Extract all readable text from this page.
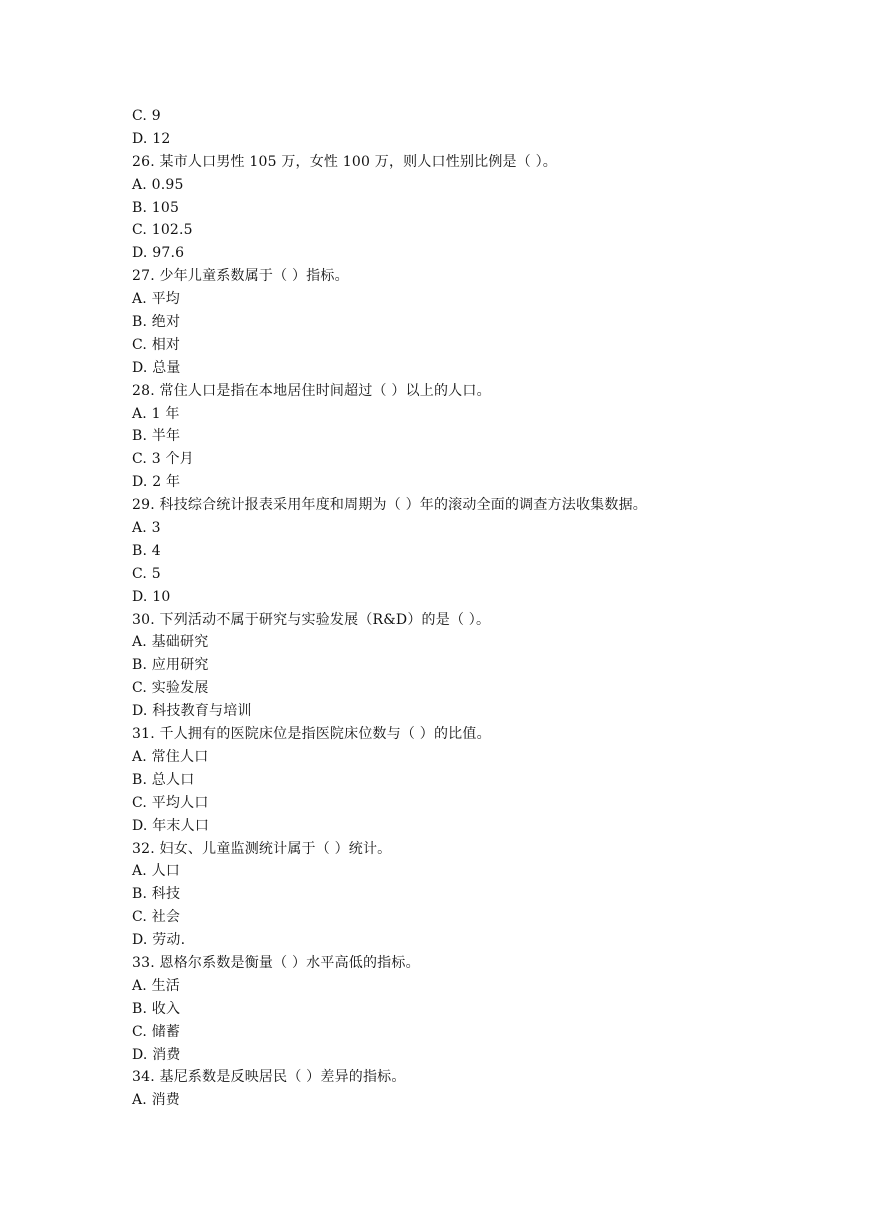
C. 9
D. 12
26. 某市人口男性 105 万，女性 100 万，则人口性别比例是（ ）。
A. 0.95
B. 105
C. 102.5
D. 97.6
27. 少年儿童系数属于（ ）指标。
A. 平均
B. 绝对
C. 相对
D. 总量
28. 常住人口是指在本地居住时间超过（ ）以上的人口。
A. 1 年
B. 半年
C. 3 个月
D. 2 年
29. 科技综合统计报表采用年度和周期为（ ）年的滚动全面的调查方法收集数据。
A. 3
B. 4
C. 5
D. 10
30. 下列活动不属于研究与实验发展（R&D）的是（ ）。
A. 基础研究
B. 应用研究
C. 实验发展
D. 科技教育与培训
31. 千人拥有的医院床位是指医院床位数与（ ）的比值。
A. 常住人口
B. 总人口
C. 平均人口
D. 年末人口
32. 妇女、儿童监测统计属于（ ）统计。
A. 人口
B. 科技
C. 社会
D. 劳动.
33. 恩格尔系数是衡量（ ）水平高低的指标。
A. 生活
B. 收入
C. 储蓄
D. 消费
34. 基尼系数是反映居民（ ）差异的指标。
A. 消费
